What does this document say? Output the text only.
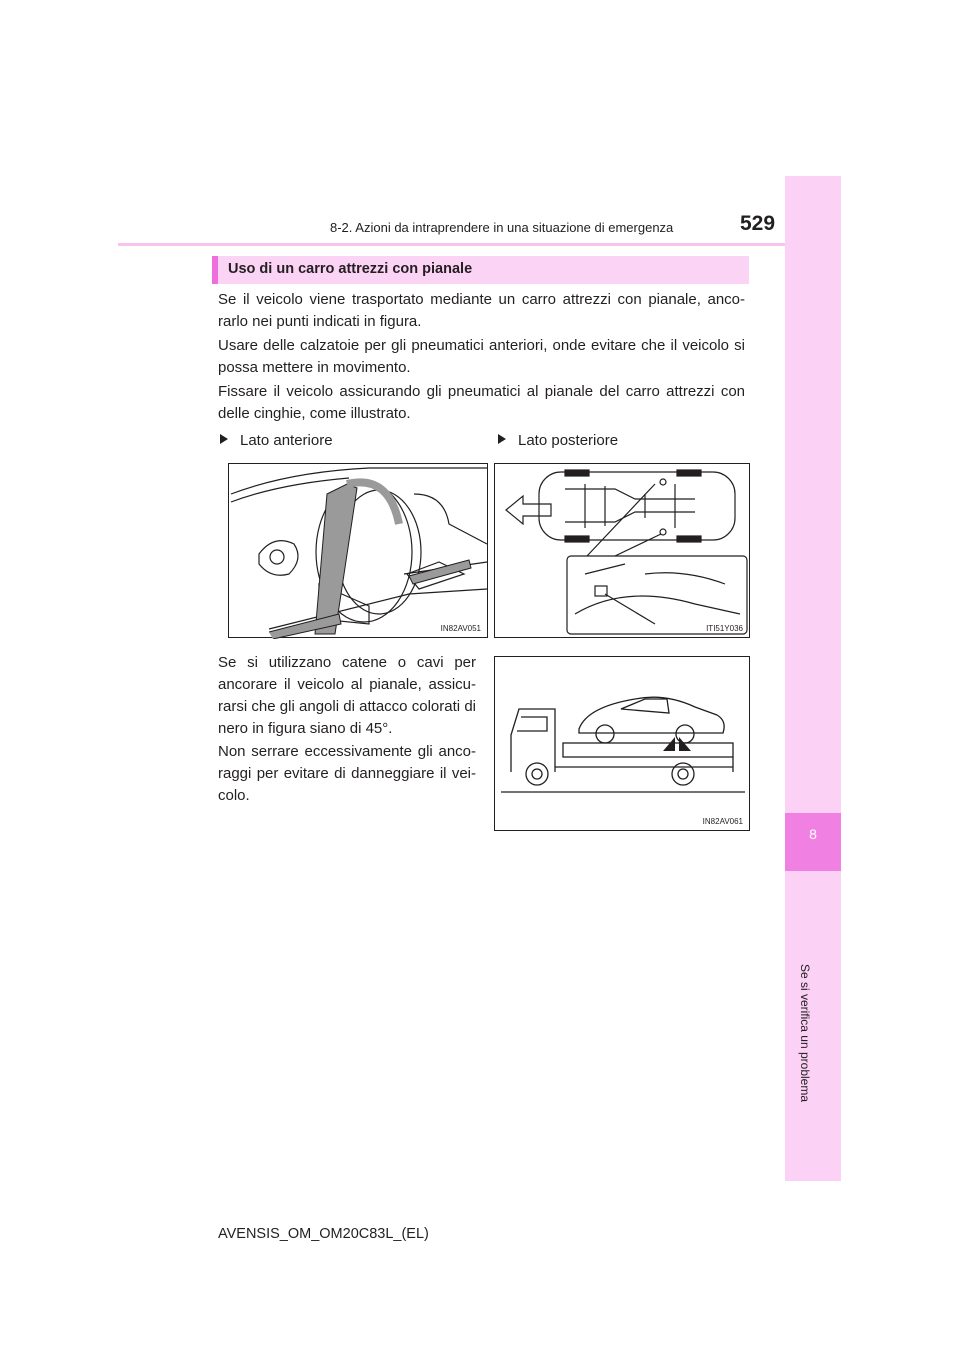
8-2. Azioni da intraprendere in una situazione di emergenza	529
8
Se si verifica un problema
Uso di un carro attrezzi con pianale
Se il veicolo viene trasportato mediante un carro attrezzi con pianale, anco-rarlo nei punti indicati in figura.
Usare delle calzatoie per gli pneumatici anteriori, onde evitare che il veicolo si possa mettere in movimento.
Fissare il veicolo assicurando gli pneumatici al pianale del carro attrezzi con delle cinghie, come illustrato.
Lato anteriore	Lato posteriore
IN82AV051	ITI51Y036
Se si utilizzano catene o cavi per ancorare il veicolo al pianale, assicu-rarsi che gli angoli di attacco colorati di nero in figura siano di 45°.
Non serrare eccessivamente gli anco-raggi per evitare di danneggiare il vei-colo.
IN82AV061
AVENSIS_OM_OM20C83L_(EL)
